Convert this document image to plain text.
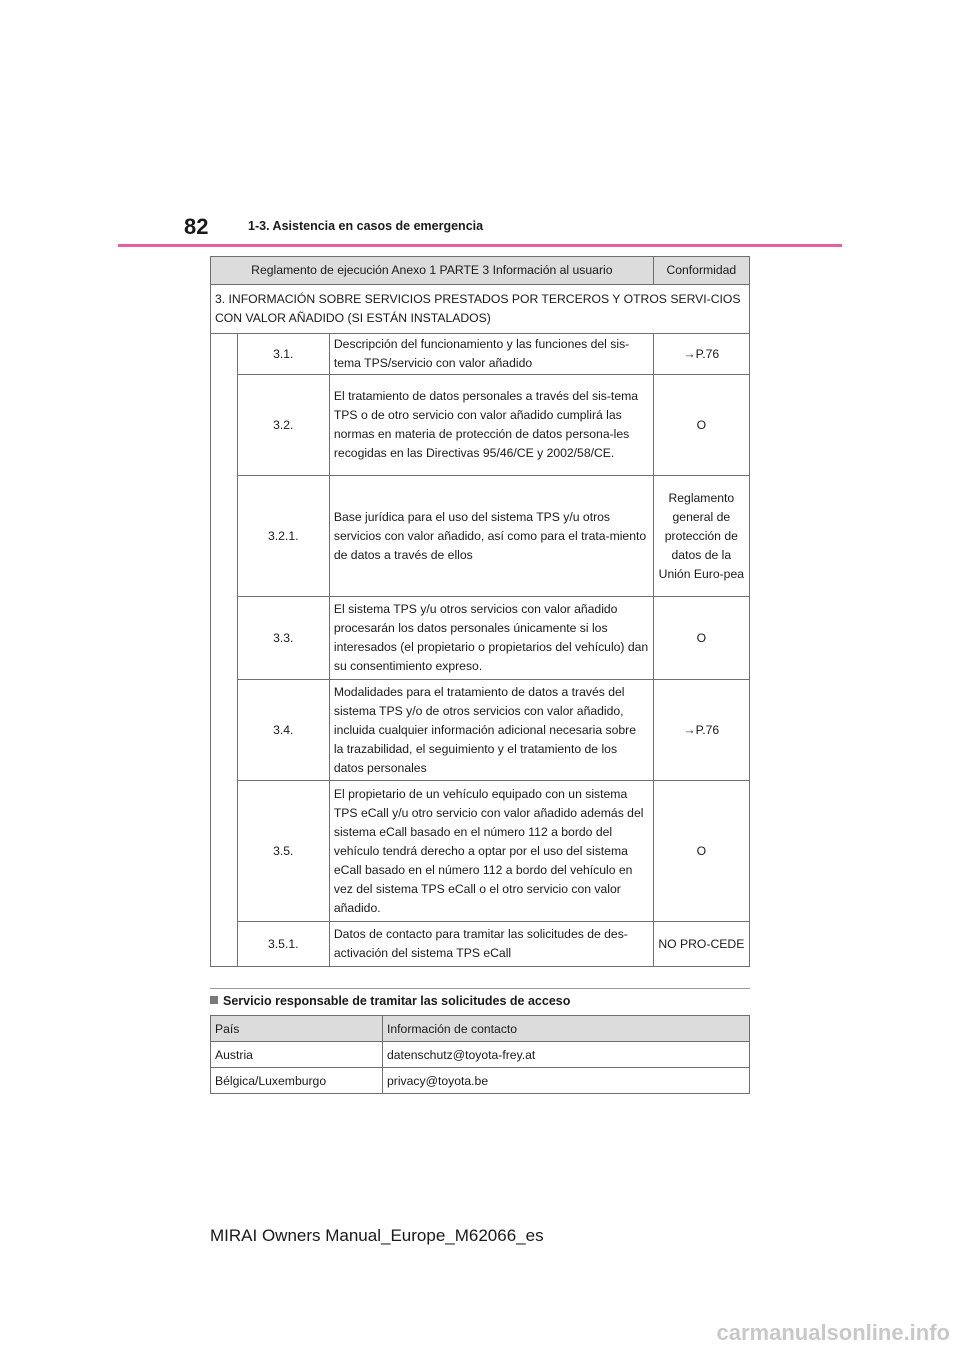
82	1-3. Asistencia en casos de emergencia
Reglamento de ejecución Anexo 1 PARTE 3 Información al usuario			Conformidad
3. INFORMACIÓN SOBRE SERVICIOS PRESTADOS POR TERCEROS Y OTROS SERVI-CIOS CON VALOR AÑADIDO (SI ESTÁN INSTALADOS)			
	3.1.	Descripción del funcionamiento y las funciones del sis-tema TPS/servicio con valor añadido	→P.76
	3.2.	El tratamiento de datos personales a través del sis-tema TPS o de otro servicio con valor añadido cumplirá las normas en materia de protección de datos persona-les recogidas en las Directivas 95/46/CE y 2002/58/CE.	O
	3.2.1.	Base jurídica para el uso del sistema TPS y/u otros servicios con valor añadido, así como para el trata-miento de datos a través de ellos	Reglamento general de protección de datos de la Unión Euro-pea
	3.3.	El sistema TPS y/u otros servicios con valor añadido procesarán los datos personales únicamente si los interesados (el propietario o propietarios del vehículo) dan su consentimiento expreso.	O
	3.4.	Modalidades para el tratamiento de datos a través del sistema TPS y/o de otros servicios con valor añadido, incluida cualquier información adicional necesaria sobre la trazabilidad, el seguimiento y el tratamiento de los datos personales	→P.76
	3.5.	El propietario de un vehículo equipado con un sistema TPS eCall y/u otro servicio con valor añadido además del sistema eCall basado en el número 112 a bordo del vehículo tendrá derecho a optar por el uso del sistema eCall basado en el número 112 a bordo del vehículo en vez del sistema TPS eCall o el otro servicio con valor añadido.	O
	3.5.1.	Datos de contacto para tramitar las solicitudes de des-activación del sistema TPS eCall	NO PRO-CEDE
Servicio responsable de tramitar las solicitudes de acceso
País	Información de contacto
Austria	datenschutz@toyota-frey.at
Bélgica/Luxemburgo	privacy@toyota.be
MIRAI Owners Manual_Europe_M62066_es
carmanualsonline.info
